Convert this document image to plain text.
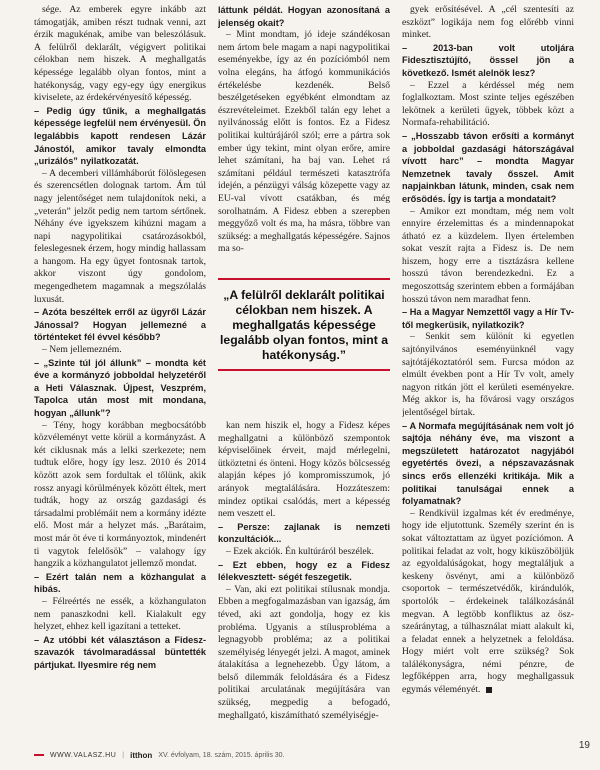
sége. Az emberek egyre inkább azt támogatják, amiben részt tudnak venni, azt érzik magukénak, amibe van beleszólásuk. A felülről deklarált, végigvert politikai célokban nem hiszek. A meghallgatás képessége legalább olyan fontos, mint a hatékonyság, vagy egy-egy úgy energikus kiviselete, az érdekérvényesítő képesség.

– Pedig úgy tűnik, a meghallgatás képessége legfelül nem érvényesül. Ön legalábbis kapott rendesen Lázár Jánostól, amikor tavaly elmondta „urizálós” nyilatkozatát.

– A decemberi villámháborút fölöslegesen és szerencsétlen dolognak tartom. Ám túl nagy jelentőséget nem tulajdonítok neki, a „veterán” jelzőt pedig nem tartom sértőnek. Néhány éve igyekszem kihúzni magam a napi nagypolitikai csatározásokból, feleslegesnek érzem, hogy mindig hallassam a hangom. Ha egy ügyet fontosnak tartok, akkor viszont úgy gondolom, megengedhetem magamnak a megszólalás luxusát.

– Azóta beszéltek erről az ügyről Lázár Jánossal? Hogyan jellemezné a történteket fél évvel később?

– Nem jellemezném.

– „Szinte túl jól állunk” – mondta két éve a kormányzó jobboldal helyzetéről a Heti Válasznak. Újpest, Veszprém, Tapolca után most mit mondana, hogyan „állunk”?

– Tény, hogy korábban megbocsátóbb közvéleményt vette körül a kormányzást. A két ciklusnak más a lelki szerkezete; nem tudtuk előre, hogy így lesz. 2010 és 2014 között azok sem fordultak el tőlünk, akik rossz anyagi körülmények között éltek, mert tudták, hogy az ország gazdasági és társadalmi problémáit nem a kormány idézte elő. Most már a helyzet más. „Barátaim, most már öt éve ti kormányoztok, mindenért ti vagytok felelősök” – valahogy így hangzik a közhangulatot jellemző mondat.

– Ezért talán nem a közhangulat a hibás.

– Félreértés ne essék, a közhangulaton nem panaszkodni kell. Kialakult egy helyzet, ehhez kell igazítani a tetteket.

– Az utóbbi két választáson a Fidesz-szavazók távolmaradással büntették pártjukat. Ilyesmire rég nem

láttunk példát. Hogyan azonosítaná a jelenség okait?

– Mint mondtam, jó ideje szándékosan nem ártom bele magam a napi nagypolitikai eseményekbe, így az én pozíciómból nem volna elegáns, ha átfogó kommunikációs értékelésbe kezdenék. Belső beszélgetéseken egyébként elmondtam az észrevételeimet. Ezekből talán egy lehet a nyilvánosság előtt is fontos. Ez a Fidesz politikai kultúrájáról szól; erre a pártra sok ember úgy tekint, mint olyan erőre, amire lehet számítani, ha baj van. Lehet rá számítani például természeti katasztrófa idején, a pénzügyi válság közepette vagy az EU-val vívott csatákban, és még sorolhatnám. A Fidesz ebben a szerepben meggyőző volt és ma, ha másra, többre van szükség: a meghallgatás képességére. Sajnos ma so-

„A felülről deklarált politikai célokban nem hiszek. A meghallgatás képessége legalább olyan fontos, mint a hatékonyság.”

kan nem hiszik el, hogy a Fidesz képes meghallgatni a különböző szempontok képviselőinek érveit, majd mérlegelni, ütköztetni és önteni. Hogy közös bölcsesség alapján képes jó kompromisszumok, jó arányok megtalálására. Hozzáteszem: mindez optikai csalódás, mert a képesség nem veszett el.

– Persze: zajlanak is nemzeti konzultációk...

– Ezek akciók. Én kultúráról beszélek.

– Ezt ebben, hogy ez a Fidesz lélekvesztett- ségét feszegetik.

– Van, aki ezt politikai stílusnak mondja. Ebben a megfogalmazásban van igazság, ám téved, aki azt gondolja, hogy ez kis probléma. Ugyanis a stílusprobléma a legnagyobb probléma; az a politikai személyiség lényegét jelzi. A magot, aminek átalakítása a legnehezebb. Úgy látom, a belső dilemmák feloldására és a Fidesz politikai arculatának megújítására van szükség, megpedig a befogadó, meghallgató, kiszámítható személyiségje-

gyek erősítésével. A „cél szentesíti az eszközt” logikája nem fog előrébb vinni minket.

– 2013-ban volt utoljára Fidesztisztújító, össsel jön a következő. Ismét alelnök lesz?

– Ezzel a kérdéssel még nem foglalkoztam. Most szinte teljes egészében lekötnek a kerületi ügyek, többek közt a Normafa-rehabilitáció.

– „Hosszabb távon erősíti a kormányt a jobboldal gazdasági hátországával vívott harc” – mondta Magyar Nemzetnek tavaly ősszel. Amit napjainkban látunk, minden, csak nem erősödés. Így is tartja a mondatait?

– Amikor ezt mondtam, még nem volt ennyire érzelemittas és a mindennapokat átható ez a küzdelem. Ilyen értelemben sokat veszít rajta a Fidesz is. De nem hiszem, hogy erre a tisztázásra kellene hosszú távon berendezkedni. Ez a megoszottság szerintem ebben a formájában hosszú távon nem maradhat fenn.

– Ha a Magyar Nemzettől vagy a Hír Tv-től megkerüsik, nyilatkozik?

– Senkit sem különít ki egyetlen sajtónyilvános eseményünknél vagy sajtótájékoztatóról sem. Furcsa módon az elmúlt években pont a Hír Tv volt, amely nagyon ritkán jött el kerületi eseményekre. Még akkor is, ha fővárosi vagy országos jelentőségel bírtak.

– A Normafa megújításának nem volt jó sajtója néhány éve, ma viszont a megszületett határozatot nagyjából egyetértés övezi, a népszavazásnak sincs erős ellenzéki kritikája. Mik a politikai tanulságai ennek a folyamatnak?

– Rendkívül izgalmas két év eredménye, hogy ide eljutottunk. Személy szerint én is sokat változtattam az ügyet pozíciómon. A politikai feladat az volt, hogy kiküszöböljük az egyoldalúságokat, hogy megtaláljuk a keskeny ösvényt, ami a különböző csoportok – természetvédők, kirándulók, sportolók – érdekeinek találkozásánál megvan. A legtöbb konfliktus az ösz- szeáránytag, a túlhasználat miatt alakult ki, a feladat ennek a helyzetnek a feloldása. Hogy miért volt erre szükség? Sok találékonyságra, némi pénzre, de legfőképpen arra, hogy meghallgassuk egymás véleményét.

WWW.VALASZ.HU | itthon XV. évfolyam, 18. szám, 2015. április 30.
19
